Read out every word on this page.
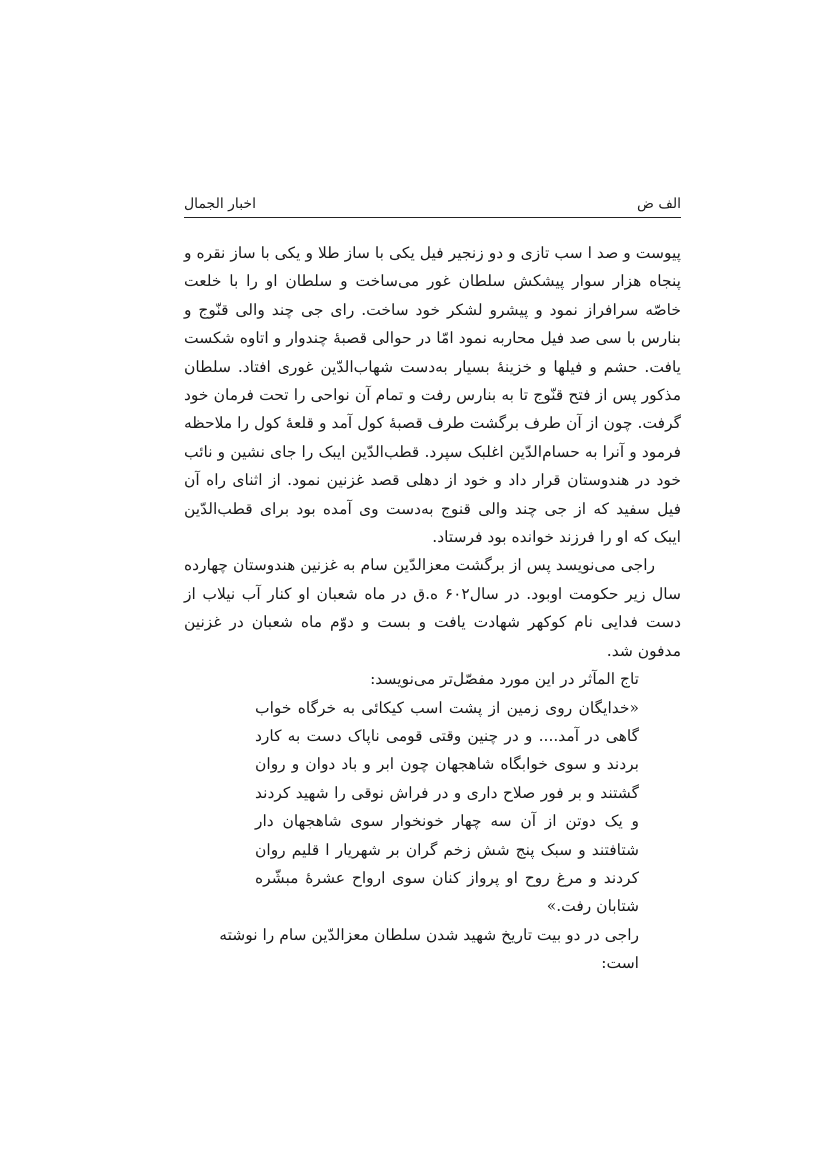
الف ض
اخبار الجمال

پیوست و صد ا سب تازی و دو زنجیر فیل یکی با ساز طلا و یکی با ساز نقره و پنجاه هزار سوار پیشکش سلطان غور می‌ساخت و سلطان او را با خلعت خاصّه سرافراز نمود و پیشرو لشکر خود ساخت. رای جی چند والی قنّوج و بنارس با سی صد فیل محاربه نمود امّا در حوالی قصبهٔ چندوار و اتاوه شکست یافت. حشم و فیلها و خزینهٔ بسیار به‌دست شهاب‌الدّین غوری افتاد. سلطان مذکور پس از فتح قنّوج تا به بنارس رفت و تمام آن نواحی را تحت فرمان خود گرفت. چون از آن طرف برگشت طرف قصبهٔ کول آمد و قلعهٔ کول را ملاحظه فرمود و آنرا به حسام‌الدّین اغلبک سپرد. قطب‌الدّین ایبک را جای نشین و نائب خود در هندوستان قرار داد و خود از دهلی قصد غزنین نمود. از اثنای راه آن فیل سفید که از جی چند والی قنوج به‌دست وی آمده بود برای قطب‌الدّین ایبک که او را فرزند خوانده بود فرستاد.

راجی می‌نویسد پس از برگشت معزالدّین سام به غزنین هندوستان چهارده سال زیر حکومت اوبود. در سال۶۰۲ ه.ق در ماه شعبان او کنار آب نیلاب از دست فدایی نام کوکهر شهادت یافت و بست و دوّم ماه شعبان در غزنین مدفون شد.

تاج المآثر در این مورد مفصّل‌تر می‌نویسد:

«خدایگان روی زمین از پشت اسب کیکائی به خرگاه خواب گاهی در آمد.... و در چنین وقتی قومی ناپاک دست به کارد بردند و سوی خوابگاه شاهجهان چون ابر و باد دوان و روان گشتند و بر فور صلاح داری و در فراش نوقی را شهید کردند و یک دوتن از آن سه چهار خونخوار سوی شاهجهان دار شتافتند و سبک پنج شش زخم گران بر شهریار ا قلیم روان کردند و مرغ روح او پرواز کنان سوی ارواح عشرهٔ مبشّره شتابان رفت.»

راجی در دو بیت تاریخ شهید شدن سلطان معزالدّین سام را نوشته است:
